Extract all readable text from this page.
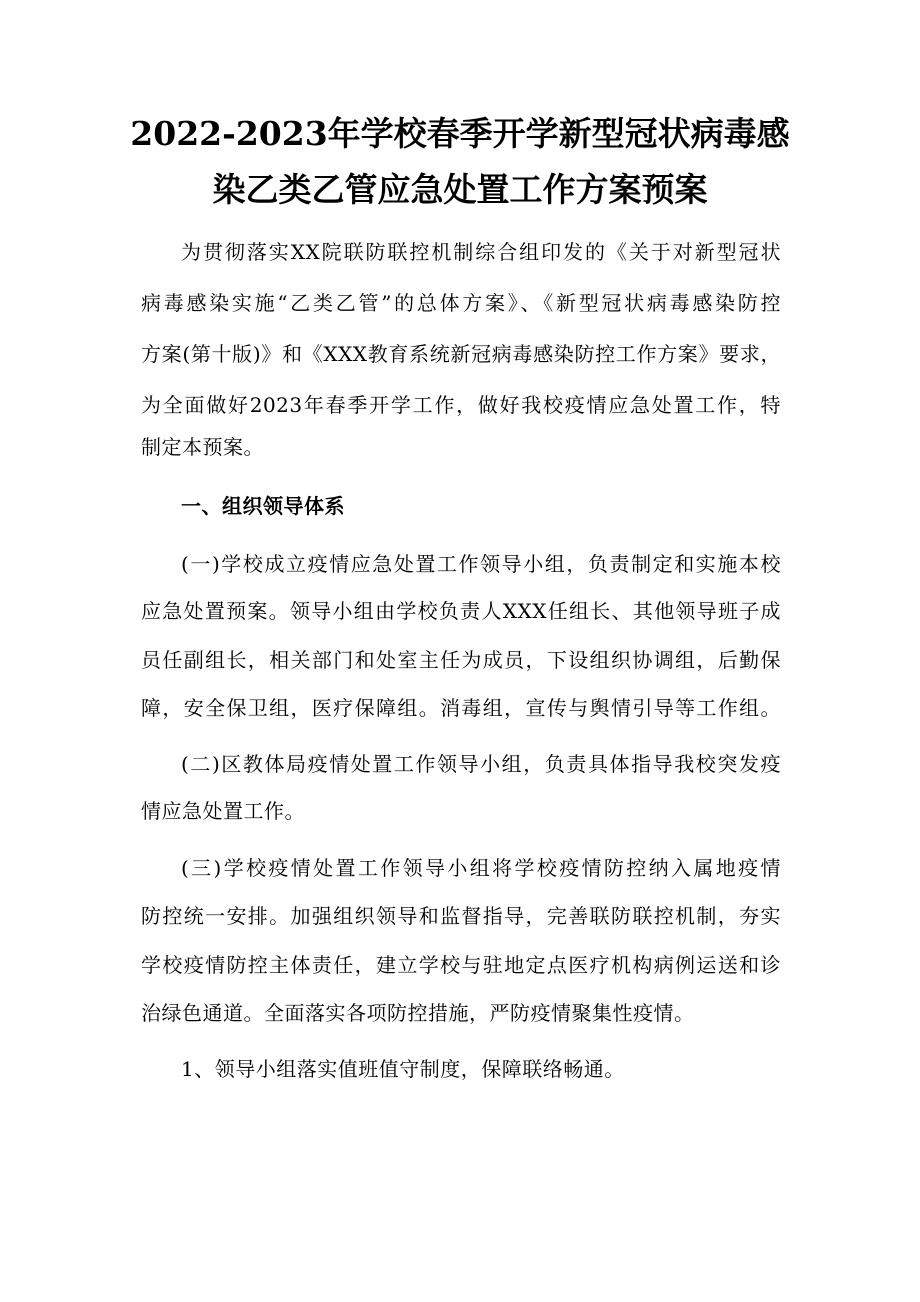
2022-2023年学校春季开学新型冠状病毒感
染乙类乙管应急处置工作方案预案
为贯彻落实XX院联防联控机制综合组印发的《关于对新型冠状
病毒感染实施“乙类乙管”的总体方案》、《新型冠状病毒感染防控
方案(第十版)》和《XXX教育系统新冠病毒感染防控工作方案》要求，
为全面做好2023年春季开学工作，做好我校疫情应急处置工作，特
制定本预案。
一、组织领导体系
(一)学校成立疫情应急处置工作领导小组，负责制定和实施本校
应急处置预案。领导小组由学校负责人XXX任组长、其他领导班子成
员任副组长，相关部门和处室主任为成员，下设组织协调组，后勤保
障，安全保卫组，医疗保障组。消毒组，宣传与舆情引导等工作组。
(二)区教体局疫情处置工作领导小组，负责具体指导我校突发疫
情应急处置工作。
(三)学校疫情处置工作领导小组将学校疫情防控纳入属地疫情
防控统一安排。加强组织领导和监督指导，完善联防联控机制，夯实
学校疫情防控主体责任，建立学校与驻地定点医疗机构病例运送和诊
治绿色通道。全面落实各项防控措施，严防疫情聚集性疫情。
1、领导小组落实值班值守制度，保障联络畅通。
